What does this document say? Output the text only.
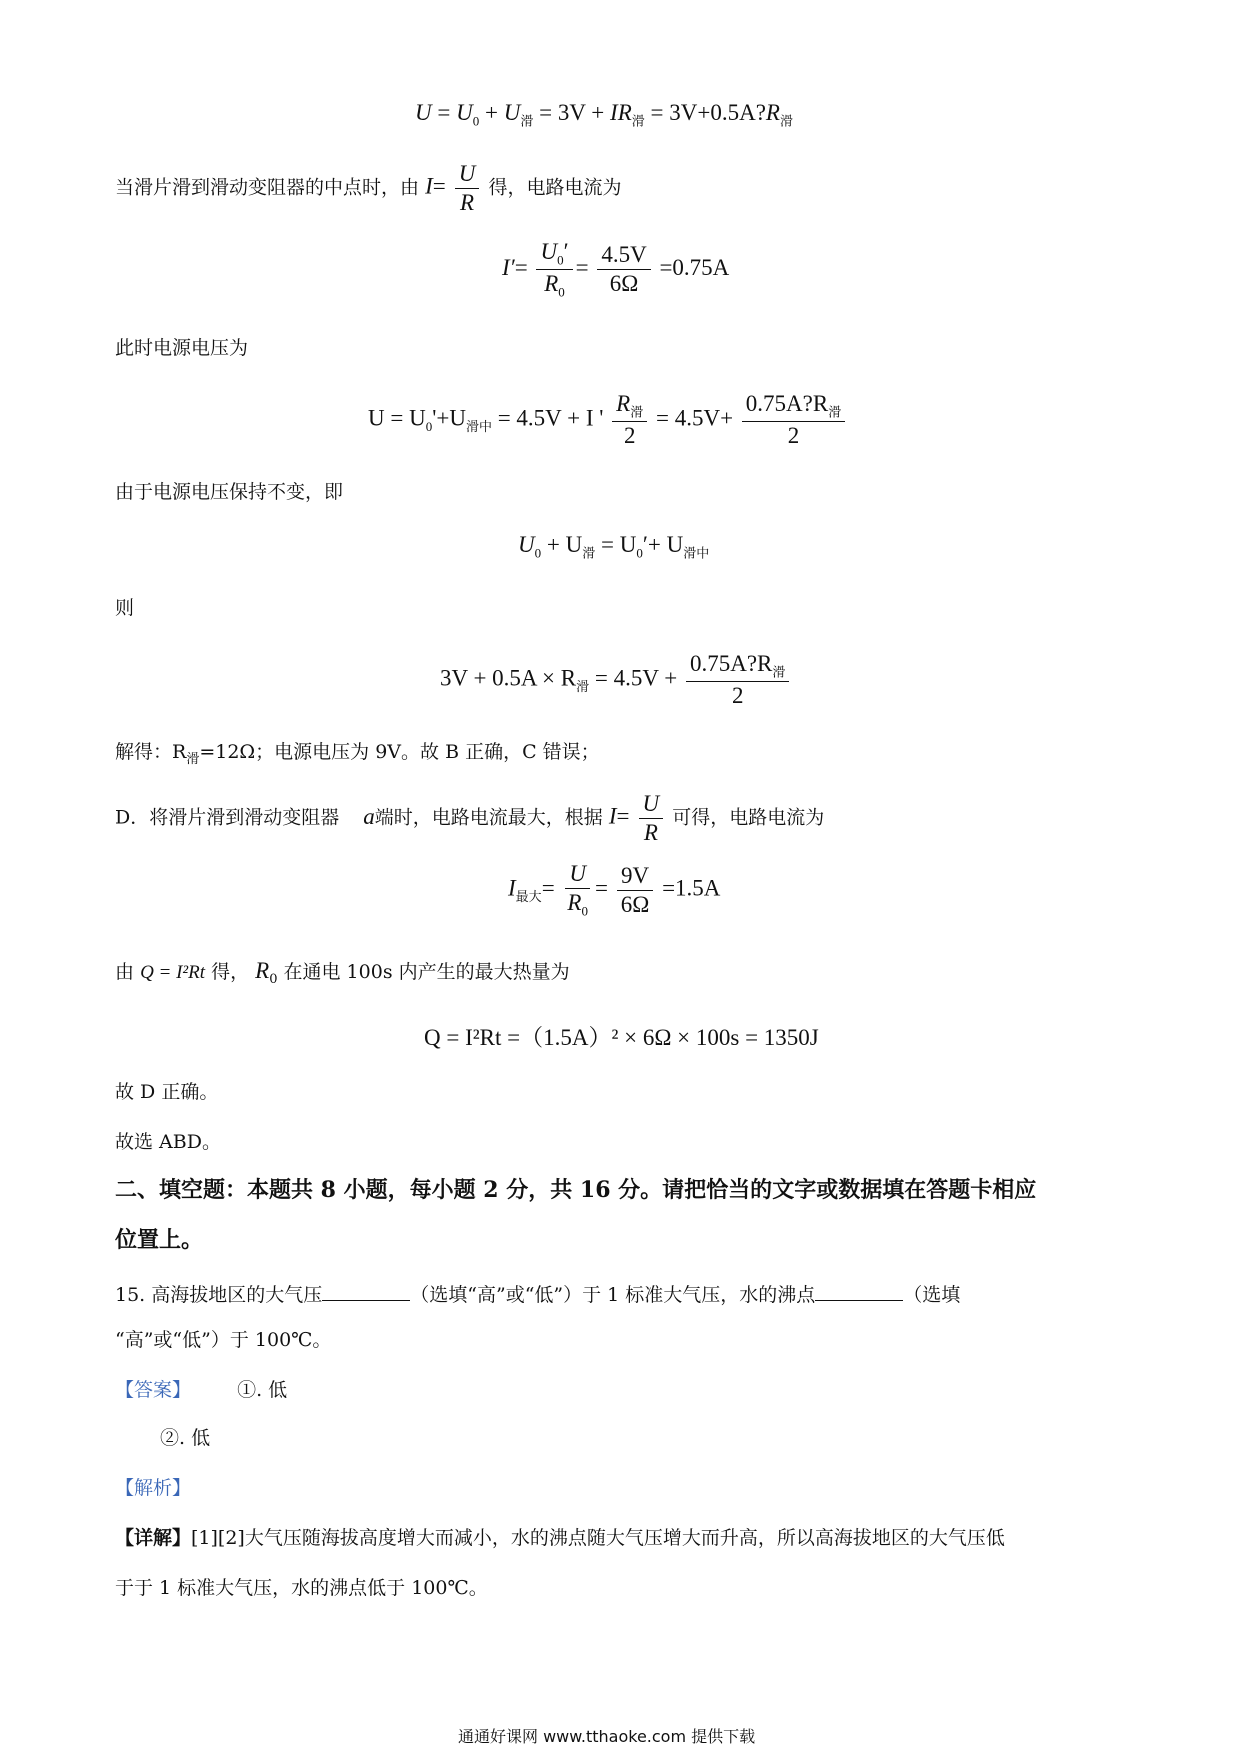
$U = U_0 + U_滑 = 3V + IR_滑$ = $3V+0.5A?R_滑$
当滑片滑到滑动变阻器的中点时，由 $I= \frac{U}{R}$ 得，电路电流为
$I'= \frac{U_0'}{R_0} = \frac{4.5V}{6\Omega} =0.75A$
此时电源电压为
$U = U_0'+U_{滑中} = 4.5V + I$ ' $\frac{R_滑}{2} = 4.5V+ \frac{0.75A?R_滑}{2}$
由于电源电压保持不变，即
$U_0 + U_滑 = U_0'+ U_{滑中}$
则
$3V + 0.5A \times R_滑 = 4.5V + \frac{0.75A?R_滑}{2}$
解得：$R_滑=12\Omega$；电源电压为 9V。故 B 正确，C 错误；
D．将滑片滑到滑动变阻器 a端时，电路电流最大，根据 $I= \frac{U}{R}$ 可得，电路电流为
$I_{最大}= \frac{U}{R_0} = \frac{9V}{6\Omega} =1.5A$
由 Q = I²Rt 得， $R_0$ 在通电 100s 内产生的最大热量为
Q = I²Rt =（1.5A）² × 6Ω × 100s = 1350J
故 D 正确。
故选 ABD。
二、填空题：本题共 8 小题，每小题 2 分，共 16 分。请把恰当的文字或数据填在答题卡相应
位置上。
15. 高海拔地区的大气压	（选填“高”或“低”）于 1 标准大气压，水的沸点	（选填
“高”或“低”）于 100℃。
【答案】 ①. 低
②. 低
【解析】
【详解】[1][2]大气压随海拔高度增大而减小，水的沸点随大气压增大而升高，所以高海拔地区的大气压低
于于 1 标准大气压，水的沸点低于 100℃。
通通好课网 www.tthaoke.com 提供下载
